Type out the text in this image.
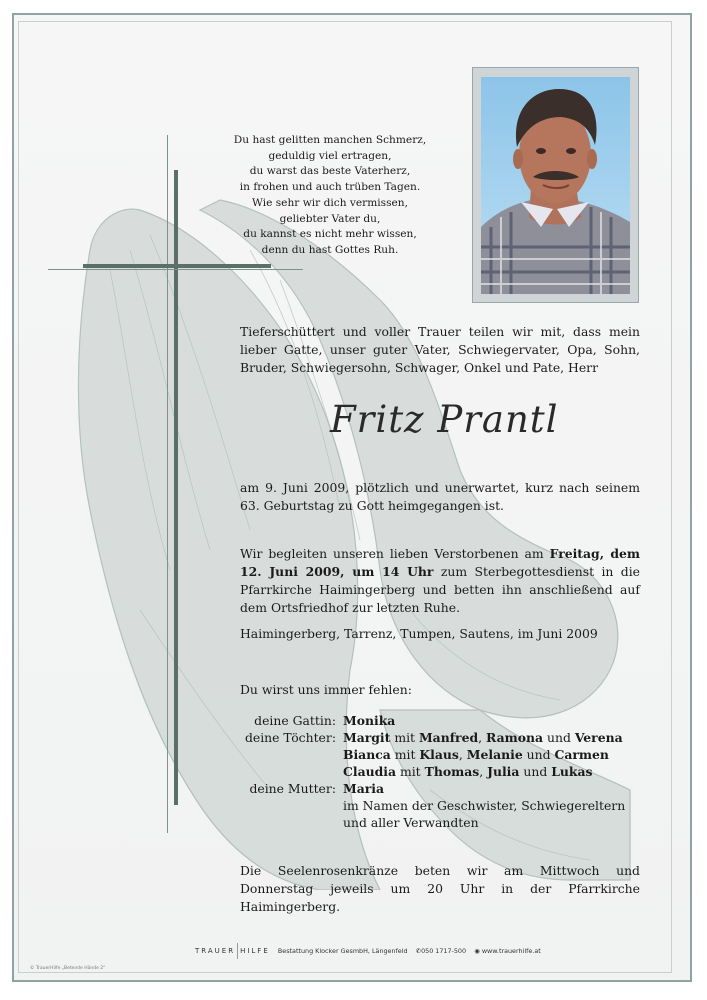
Du hast gelitten manchen Schmerz,
geduldig viel ertragen,
du warst das beste Vaterherz,
in frohen und auch trüben Tagen.
Wie sehr wir dich vermissen,
geliebter Vater du,
du kannst es nicht mehr wissen,
denn du hast Gottes Ruh.
Tieferschüttert und voller Trauer teilen wir mit, dass mein lieber Gatte, unser guter Vater, Schwiegervater, Opa, Sohn, Bruder, Schwiegersohn, Schwager, Onkel und Pate, Herr
Fritz Prantl
am 9. Juni 2009, plötzlich und unerwartet, kurz nach seinem 63. Geburtstag zu Gott heimgegangen ist.
Wir begleiten unseren lieben Verstorbenen am Freitag, dem 12. Juni 2009, um 14 Uhr zum Sterbegottesdienst in die Pfarrkirche Haimingerberg und betten ihn anschließend auf dem Ortsfriedhof zur letzten Ruhe.
Haimingerberg, Tarrenz, Tumpen, Sautens, im Juni 2009
Du wirst uns immer fehlen:
deine Gattin: Monika
deine Töchter: Margit mit Manfred, Ramona und Verena
Bianca mit Klaus, Melanie und Carmen
Claudia mit Thomas, Julia und Lukas
deine Mutter: Maria
im Namen der Geschwister, Schwiegereltern
und aller Verwandten
Die Seelenrosenkränze beten wir am Mittwoch und Donnerstag jeweils um 20 Uhr in der Pfarrkirche Haimingerberg.
TRAUER HILFE Bestattung Klocker GesmbH, Längenfeld ✆050 1717-500 ◉ www.trauerhilfe.at
© TrauerHilfe „Betende Hände 2“
